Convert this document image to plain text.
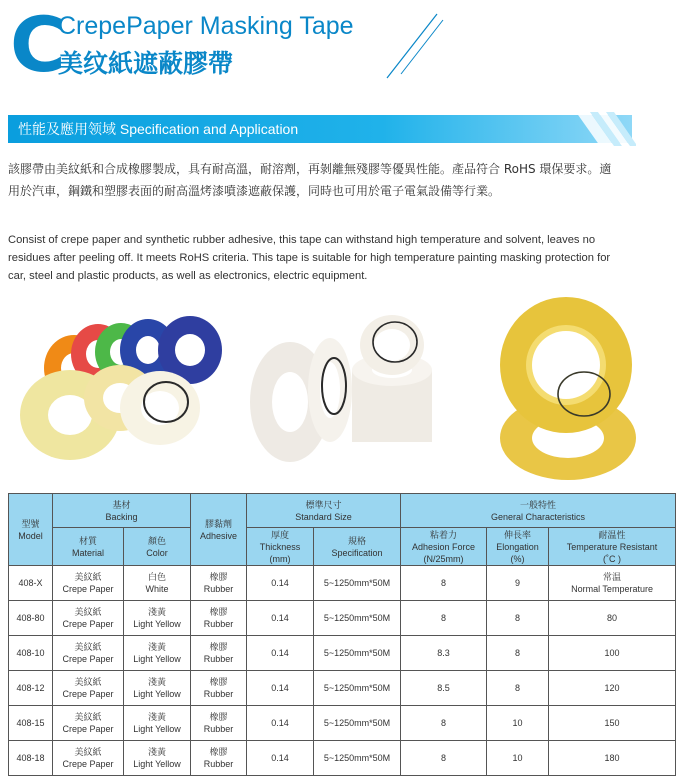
C
CrepePaper Masking Tape
美纹紙遮蔽膠帶
性能及應用领域 Specification and Application
該膠帶由美紋紙和合成橡膠製成，具有耐高溫，耐溶劑，再剝離無殘膠等優異性能。產品符合 RoHS 環保要求。適
用於汽車，鋼鐵和塑膠表面的耐高溫烤漆噴漆遮蔽保護，同時也可用於電子電氣設備等行業。
Consist of crepe paper and synthetic rubber adhesive, this tape can withstand high temperature and solvent, leaves no
residues after peeling off. It meets RoHS criteria. This tape is suitable for high temperature painting masking protection for
car, steel and plastic products, as well as electronics, electric equipment.
型號
Model	基材
Backing		膠黏劑
Adhesive	標準尺寸
Standard Size		一般特性
General Characteristics		

	材質
Material	顏色
Color		厚度
Thickness
(mm)	規格
Specification	粘着力
Adhesion Force
(N/25mm)	伸長率
Elongation
(%)	耐温性
Temperature Resistant
(˚C )

408-X	美紋紙
Crepe Paper	白色
White	橡膠
Rubber	0.14	5~1250mm*50M	8	9	常温
Normal Temperature

408-80	美紋紙
Crepe Paper	淺黃
Light Yellow	橡膠
Rubber	0.14	5~1250mm*50M	8	8	80
408-10	美紋紙
Crepe Paper	淺黃
Light Yellow	橡膠
Rubber	0.14	5~1250mm*50M	8.3	8	100
408-12	美紋紙
Crepe Paper	淺黃
Light Yellow	橡膠
Rubber	0.14	5~1250mm*50M	8.5	8	120
408-15	美紋紙
Crepe Paper	淺黃
Light Yellow	橡膠
Rubber	0.14	5~1250mm*50M	8	10	150
408-18	美紋紙
Crepe Paper	淺黃
Light Yellow	橡膠
Rubber	0.14	5~1250mm*50M	8	10	180
